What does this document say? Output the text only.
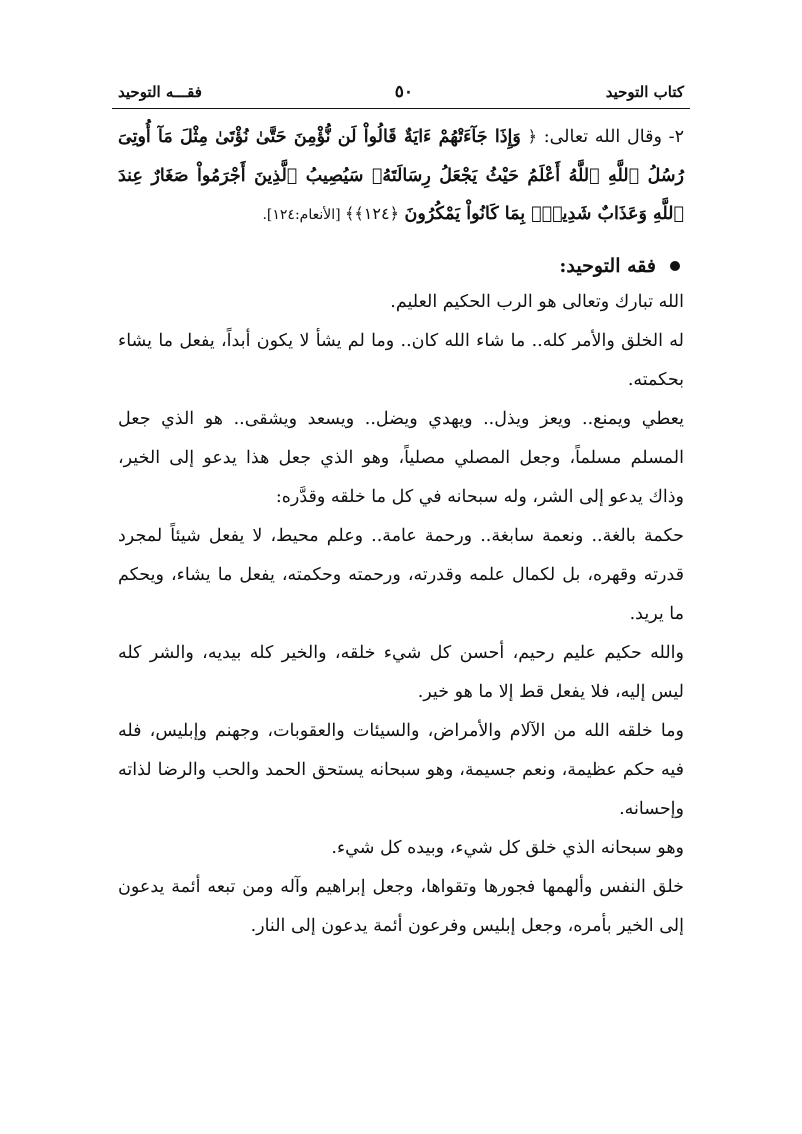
كتاب التوحيد
٥٠
فقـــه التوحيد

٢- وقال الله تعالى: ﴿ وَإِذَا جَآءَتْهُمْ ءَايَةٌ قَالُواْ لَن نُّؤْمِنَ حَتَّىٰ نُؤْتَىٰ مِثْلَ مَآ أُوتِىَ رُسُلُ ٱللَّهِ ٱللَّهُ أَعْلَمُ حَيْثُ يَجْعَلُ رِسَالَتَهُۥ سَيُصِيبُ ٱلَّذِينَ أَجْرَمُواْ صَغَارٌ عِندَ ٱللَّهِ وَعَذَابٌ شَدِيدٌۢ بِمَا كَانُواْ يَمْكُرُونَ ﴿١٢٤﴾﴾ [الأنعام:١٢٤].

فقه التوحيد:

الله تبارك وتعالى هو الرب الحكيم العليم.

له الخلق والأمر كله.. ما شاء الله كان.. وما لم يشأ لا يكون أبداً، يفعل ما يشاء بحكمته.

يعطي ويمنع.. ويعز ويذل.. ويهدي ويضل.. ويسعد ويشقى.. هو الذي جعل المسلم مسلماً، وجعل المصلي مصلياً، وهو الذي جعل هذا يدعو إلى الخير، وذاك يدعو إلى الشر، وله سبحانه في كل ما خلقه وقدَّره:

حكمة بالغة.. ونعمة سابغة.. ورحمة عامة.. وعلم محيط، لا يفعل شيئاً لمجرد قدرته وقهره، بل لكمال علمه وقدرته، ورحمته وحكمته، يفعل ما يشاء، ويحكم ما يريد.

والله حكيم عليم رحيم، أحسن كل شيء خلقه، والخير كله بيديه، والشر كله ليس إليه، فلا يفعل قط إلا ما هو خير.

وما خلقه الله من الآلام والأمراض، والسيئات والعقوبات، وجهنم وإبليس، فله فيه حكم عظيمة، ونعم جسيمة، وهو سبحانه يستحق الحمد والحب والرضا لذاته وإحسانه.

وهو سبحانه الذي خلق كل شيء، وبيده كل شيء.

خلق النفس وألهمها فجورها وتقواها، وجعل إبراهيم وآله ومن تبعه أئمة يدعون إلى الخير بأمره، وجعل إبليس وفرعون أئمة يدعون إلى النار.
